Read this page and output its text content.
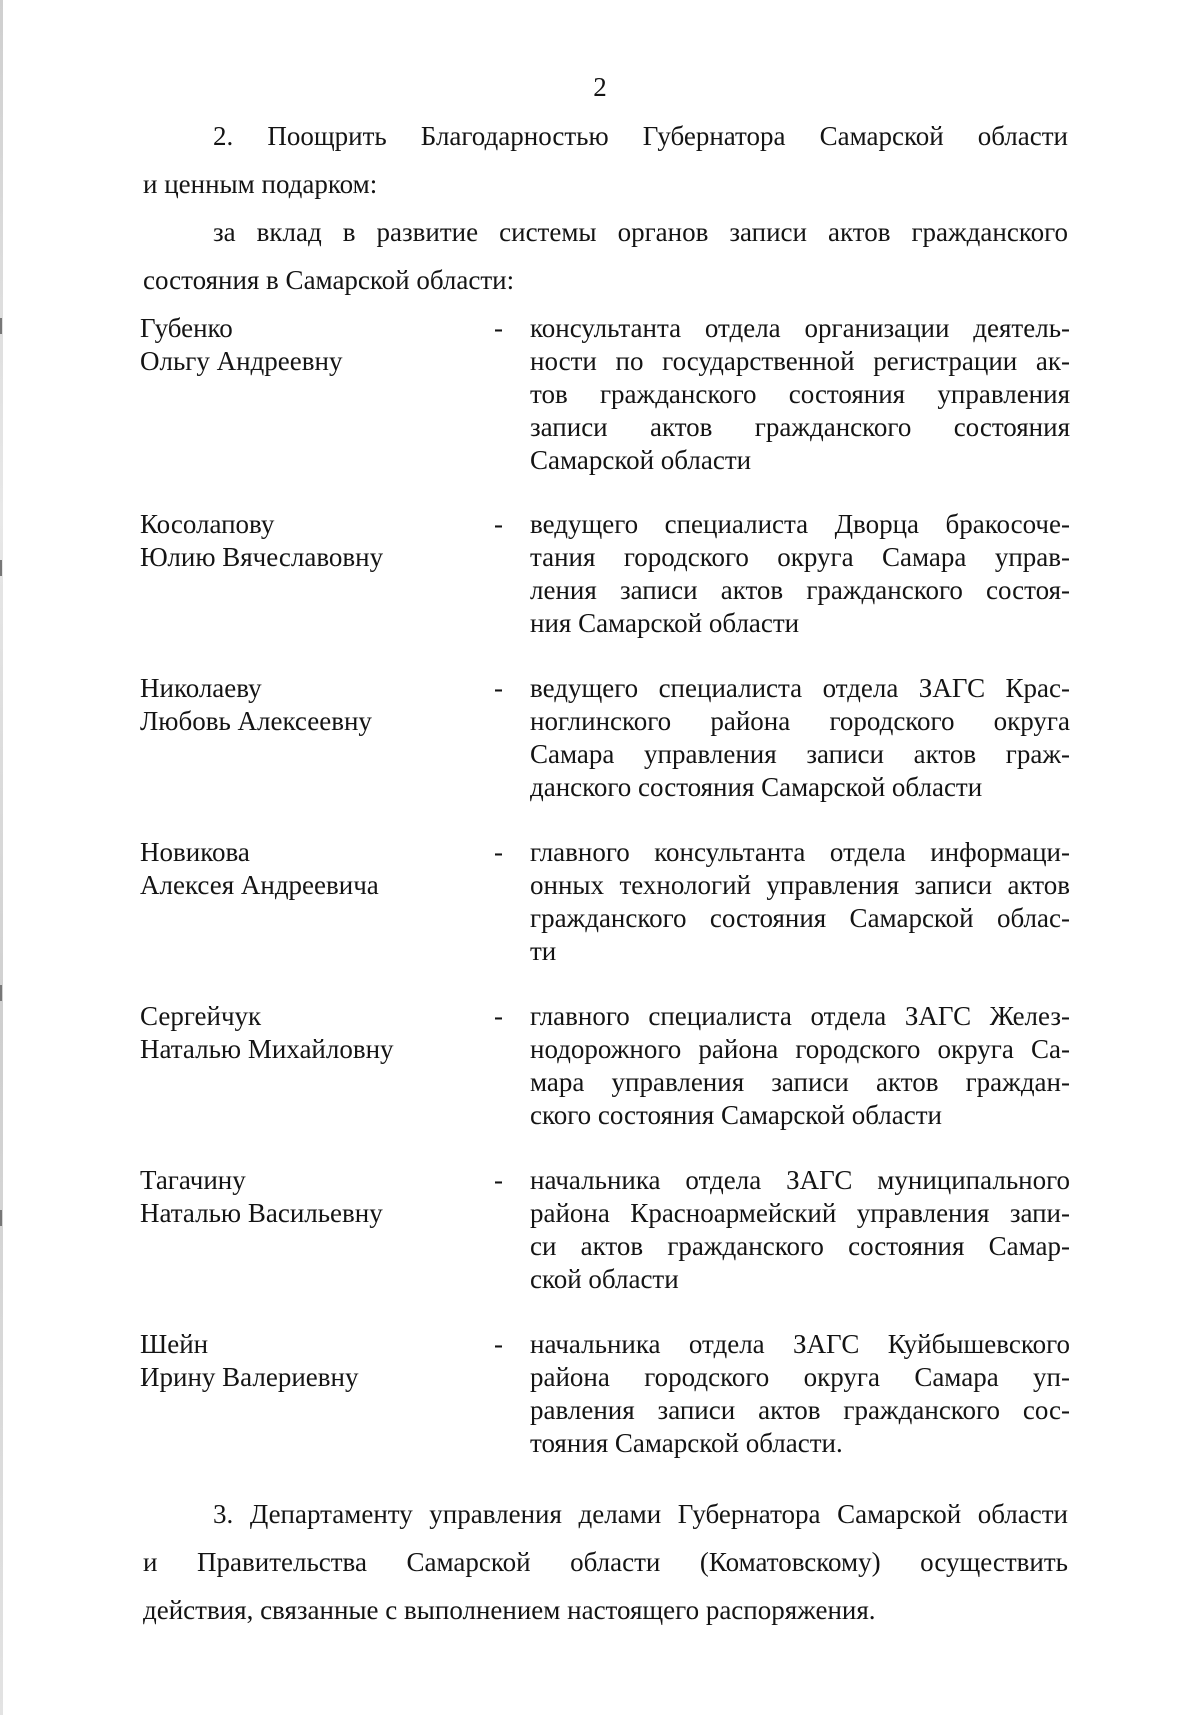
2
2. Поощрить Благодарностью Губернатора Самарской области
и ценным подарком:
за вклад в развитие системы органов записи актов гражданского
состояния в Самарской области:
Губенко
Ольгу Андреевну
- консультанта отдела организации деятель-
ности по государственной регистрации ак-
тов гражданского состояния управления
записи актов гражданского состояния
Самарской области
Косолапову
Юлию Вячеславовну
- ведущего специалиста Дворца бракосоче-
тания городского округа Самара управ-
ления записи актов гражданского состоя-
ния Самарской области
Николаеву
Любовь Алексеевну
- ведущего специалиста отдела ЗАГС Крас-
ноглинского района городского округа
Самара управления записи актов граж-
данского состояния Самарской области
Новикова
Алексея Андреевича
- главного консультанта отдела информаци-
онных технологий управления записи актов
гражданского состояния Самарской облас-
ти
Сергейчук
Наталью Михайловну
- главного специалиста отдела ЗАГС Желез-
нодорожного района городского округа Са-
мара управления записи актов граждан-
ского состояния Самарской области
Тагачину
Наталью Васильевну
- начальника отдела ЗАГС муниципального
района Красноармейский управления запи-
си актов гражданского состояния Самар-
ской области
Шейн
Ирину Валериевну
- начальника отдела ЗАГС Куйбышевского
района городского округа Самара уп-
равления записи актов гражданского сос-
тояния Самарской области.
3. Департаменту управления делами Губернатора Самарской области
и Правительства Самарской области (Коматовскому) осуществить
действия, связанные с выполнением настоящего распоряжения.
